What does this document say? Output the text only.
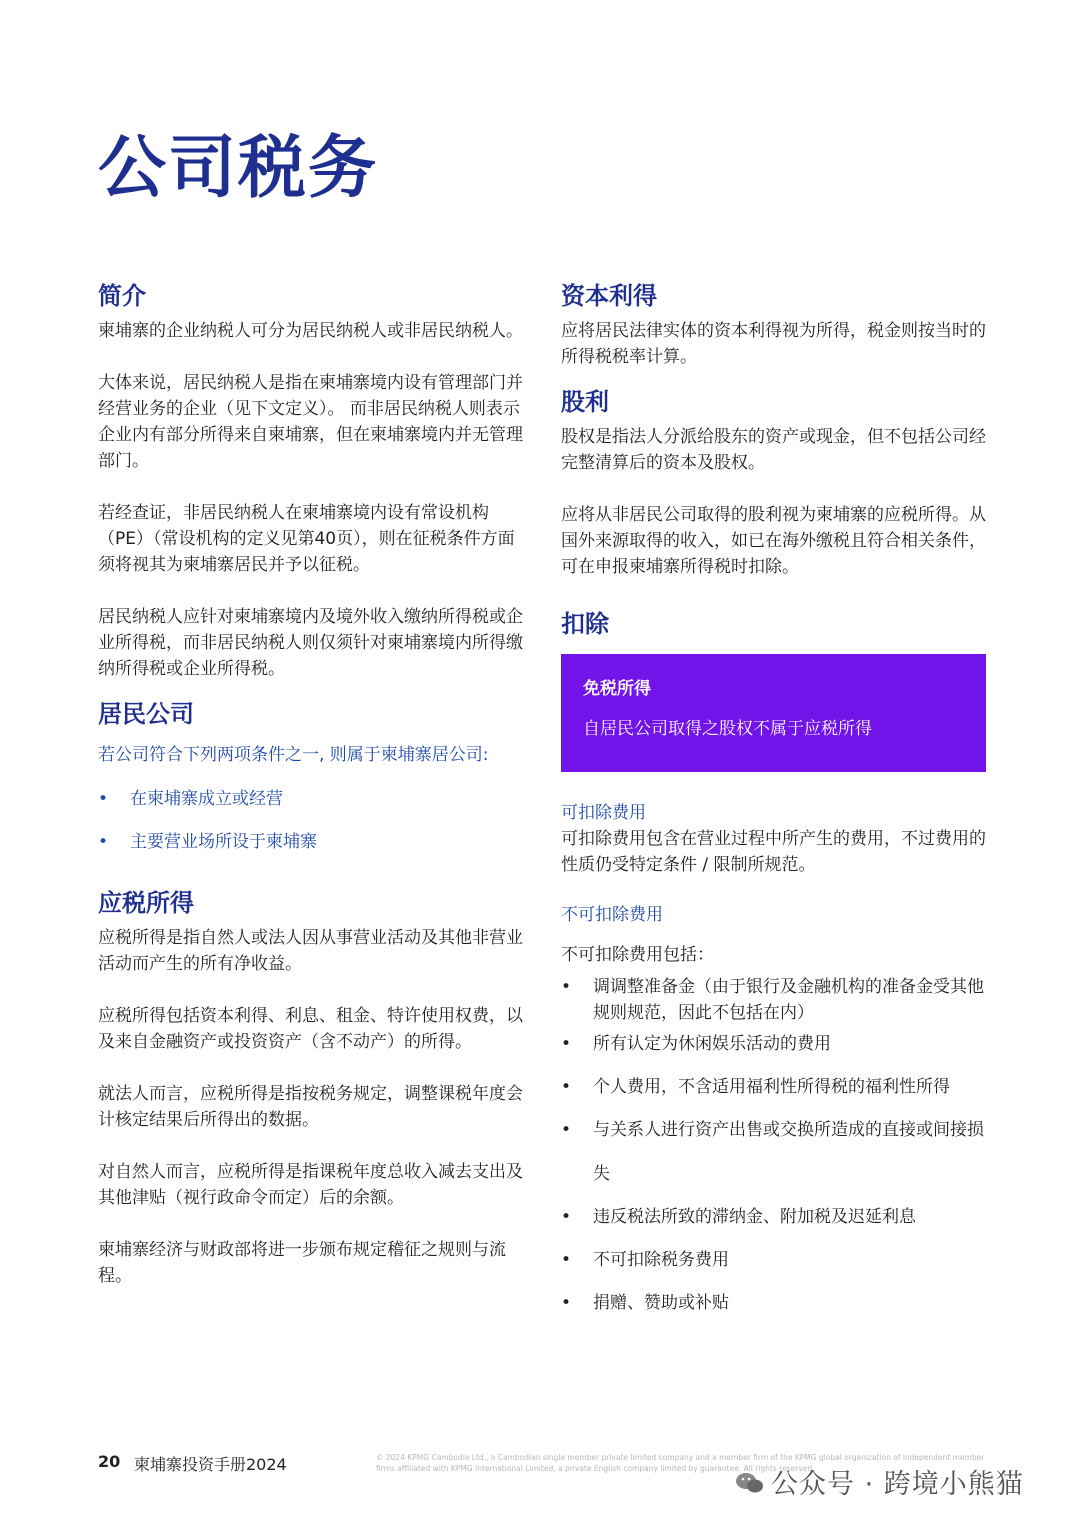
公司税务
简介

柬埔寨的企业纳税人可分为居民纳税人或非居民纳税人。

大体来说，居民纳税人是指在柬埔寨境内设有管理部门并经营业务的企业（见下文定义）。 而非居民纳税人则表示企业内有部分所得来自柬埔寨，但在柬埔寨境内并无管理部门。

若经查证，非居民纳税人在柬埔寨境内设有常设机构（PE）（常设机构的定义见第40页），则在征税条件方面须将视其为柬埔寨居民并予以征税。

居民纳税人应针对柬埔寨境内及境外收入缴纳所得税或企业所得税，而非居民纳税人则仅须针对柬埔寨境内所得缴纳所得税或企业所得税。

居民公司

若公司符合下列两项条件之一, 则属于柬埔寨居公司:

• 在柬埔寨成立或经营
• 主要营业场所设于柬埔寨
应税所得

应税所得是指自然人或法人因从事营业活动及其他非营业活动而产生的所有净收益。

应税所得包括资本利得、利息、租金、特许使用权费，以及来自金融资产或投资资产（含不动产）的所得。

就法人而言，应税所得是指按税务规定，调整课税年度会计核定结果后所得出的数据。

对自然人而言，应税所得是指课税年度总收入减去支出及其他津贴（视行政命令而定）后的余额。

柬埔寨经济与财政部将进一步颁布规定稽征之规则与流程。

资本利得

应将居民法律实体的资本利得视为所得，税金则按当时的所得税税率计算。

股利

股权是指法人分派给股东的资产或现金，但不包括公司经完整清算后的资本及股权。

应将从非居民公司取得的股利视为柬埔寨的应税所得。从国外来源取得的收入，如已在海外缴税且符合相关条件，可在申报柬埔寨所得税时扣除。

扣除
免税所得
自居民公司取得之股权不属于应税所得
可扣除费用

可扣除费用包含在营业过程中所产生的费用，不过费用的性质仍受特定条件 / 限制所规范。

不可扣除费用

不可扣除费用包括：

• 调调整准备金（由于银行及金融机构的准备金受其他规则规范，因此不包括在内）
• 所有认定为休闲娱乐活动的费用
• 个人费用，不含适用福利性所得税的福利性所得
• 与关系人进行资产出售或交换所造成的直接或间接损失
• 违反税法所致的滞纳金、附加税及迟延利息
• 不可扣除税务费用
• 捐赠、赞助或补贴
20 柬埔寨投资手册2024	© 2024 KPMG Cambodia Ltd., a Cambodian single member private limited company and a member firm of the KPMG global organization of independent member firms affiliated with KPMG International Limited, a private English company limited by guarantee. All rights reserved.
公众号 · 跨境小熊猫
